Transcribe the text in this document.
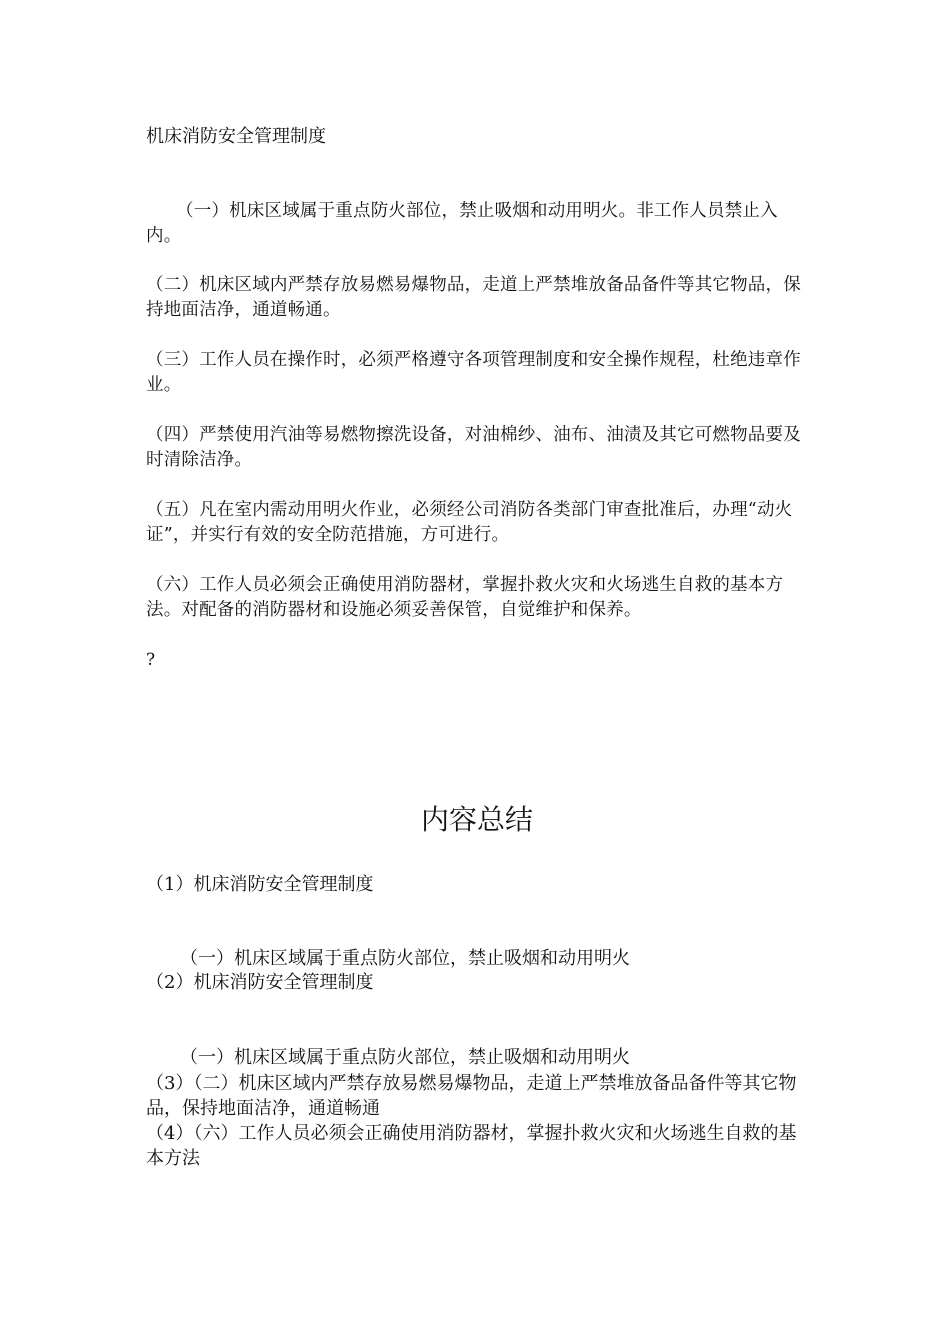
机床消防安全管理制度
（一）机床区域属于重点防火部位，禁止吸烟和动用明火。非工作人员禁止入内。
（二）机床区域内严禁存放易燃易爆物品，走道上严禁堆放备品备件等其它物品，保持地面洁净，通道畅通。
（三）工作人员在操作时，必须严格遵守各项管理制度和安全操作规程，杜绝违章作业。
（四）严禁使用汽油等易燃物擦洗设备，对油棉纱、油布、油渍及其它可燃物品要及时清除洁净。
（五）凡在室内需动用明火作业，必须经公司消防各类部门审查批准后，办理“动火证”，并实行有效的安全防范措施，方可进行。
（六）工作人员必须会正确使用消防器材，掌握扑救火灾和火场逃生自救的基本方法。对配备的消防器材和设施必须妥善保管，自觉维护和保养。
?
内容总结
（1）机床消防安全管理制度
（一）机床区域属于重点防火部位，禁止吸烟和动用明火
（2）机床消防安全管理制度
（一）机床区域属于重点防火部位，禁止吸烟和动用明火
（3）（二）机床区域内严禁存放易燃易爆物品，走道上严禁堆放备品备件等其它物品，保持地面洁净，通道畅通
（4）（六）工作人员必须会正确使用消防器材，掌握扑救火灾和火场逃生自救的基本方法
